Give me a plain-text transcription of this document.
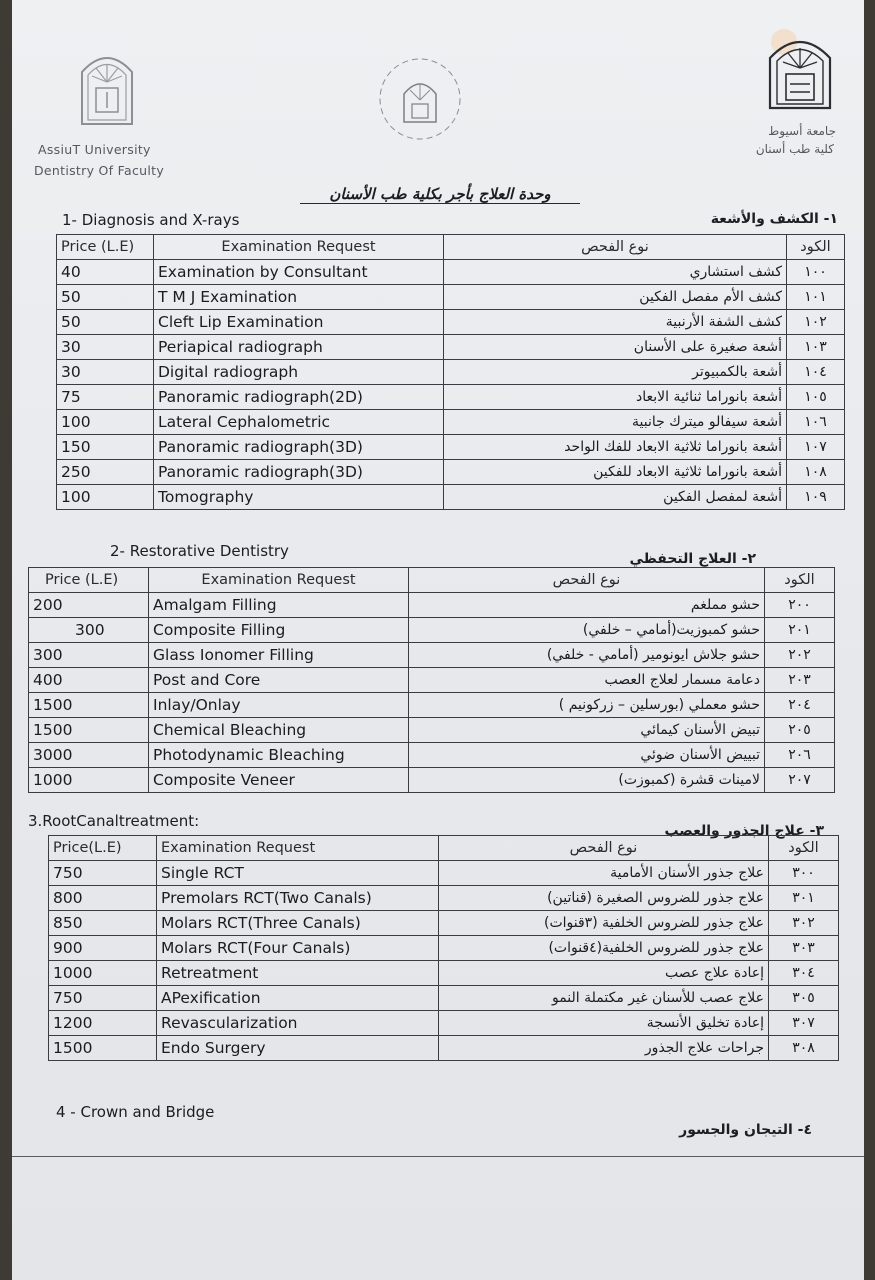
AssiuT University
Dentistry Of Faculty
جامعة أسيوط
كلية طب أسنان
وحدة العلاج بأجر بكلية طب الأسنان
1- Diagnosis and X-rays	١- الكشف والأشعة
Price (L.E)	Examination Request	نوع الفحص	الكود
40	Examination by Consultant	كشف استشاري	١٠٠
50	T M J Examination	كشف الأم مفصل الفكين	١٠١
50	Cleft Lip Examination	كشف الشفة الأرنبية	١٠٢
30	Periapical radiograph	أشعة صغيرة على الأسنان	١٠٣
30	Digital radiograph	أشعة بالكمبيوتر	١٠٤
75	Panoramic radiograph(2D)	أشعة بانوراما ثنائية الابعاد	١٠٥
100	Lateral Cephalometric	أشعة سيفالو ميترك جانبية	١٠٦
150	Panoramic radiograph(3D)	أشعة بانوراما ثلاثية الابعاد للفك الواحد	١٠٧
250	Panoramic radiograph(3D)	أشعة بانوراما ثلاثية الابعاد للفكين	١٠٨
100	Tomography	أشعة لمفصل الفكين	١٠٩
2- Restorative Dentistry	٢- العلاج التحفظي
Price (L.E)	Examination Request	نوع الفحص	الكود
200	Amalgam Filling	حشو مملغم	٢٠٠
300	Composite Filling	حشو كمبوزيت(أمامي – خلفي)	٢٠١
300	Glass Ionomer Filling	حشو جلاش ايونومير (أمامي - خلفي)	٢٠٢
400	Post and Core	دعامة مسمار لعلاج العصب	٢٠٣
1500	Inlay/Onlay	حشو معملي (بورسلين – زركونيم )	٢٠٤
1500	Chemical Bleaching	تبيض الأسنان كيمائي	٢٠٥
3000	Photodynamic Bleaching	تبييض الأسنان ضوئي	٢٠٦
1000	Composite Veneer	لامينات قشرة (كمبوزت)	٢٠٧
3.RootCanaltreatment:
٣- علاج الجذور والعصب
Price(L.E)	Examination Request	نوع الفحص	الكود
750	Single RCT	علاج جذور الأسنان الأمامية	٣٠٠
800	Premolars RCT(Two Canals)	علاج جذور للضروس الصغيرة (قناتين)	٣٠١
850	Molars RCT(Three Canals)	علاج جذور للضروس الخلفية (٣قنوات)	٣٠٢
900	Molars RCT(Four Canals)	علاج جذور للضروس الخلفية(٤قنوات)	٣٠٣
1000	Retreatment	إعادة علاج عصب	٣٠٤
750	APexification	علاج عصب للأسنان غير مكتملة النمو	٣٠٥
1200	Revascularization	إعادة تخليق الأنسجة	٣٠٧
1500	Endo Surgery	جراحات علاج الجذور	٣٠٨
4 - Crown and Bridge
٤- التيجان والجسور
